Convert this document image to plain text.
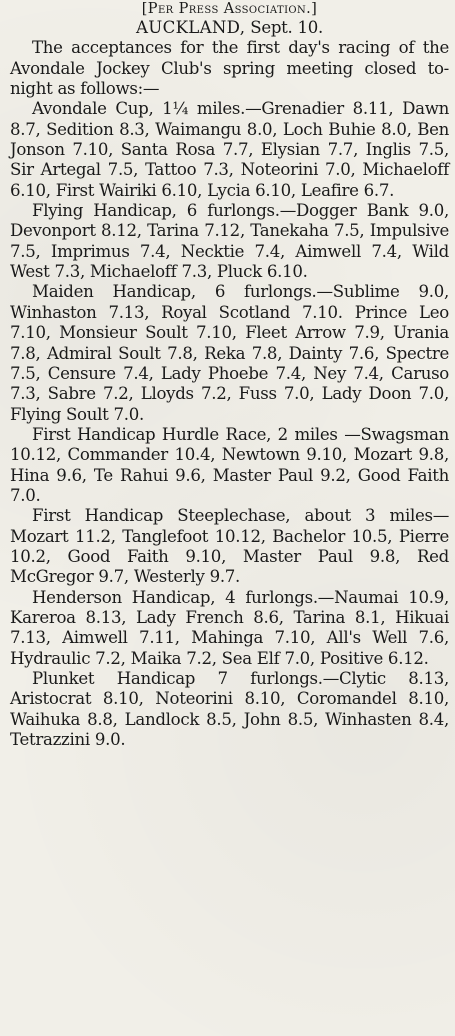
[Per Press Association.]
AUCKLAND, Sept. 10.

The acceptances for the first day's racing of the Avondale Jockey Club's spring meeting closed to-night as follows:—

Avondale Cup, 1¼ miles.—Grenadier 8.11, Dawn 8.7, Sedition 8.3, Waimangu 8.0, Loch Buhie 8.0, Ben Jonson 7.10, Santa Rosa 7.7, Elysian 7.7, Inglis 7.5, Sir Artegal 7.5, Tattoo 7.3, Noteorini 7.0, Michaeloff 6.10, First Wairiki 6.10, Lycia 6.10, Leafire 6.7.

Flying Handicap, 6 furlongs.—Dogger Bank 9.0, Devonport 8.12, Tarina 7.12, Tanekaha 7.5, Impulsive 7.5, Imprimus 7.4, Necktie 7.4, Aimwell 7.4, Wild West 7.3, Michaeloff 7.3, Pluck 6.10.

Maiden Handicap, 6 furlongs.—Sublime 9.0, Winhaston 7.13, Royal Scotland 7.10. Prince Leo 7.10, Monsieur Soult 7.10, Fleet Arrow 7.9, Urania 7.8, Admiral Soult 7.8, Reka 7.8, Dainty 7.6, Spectre 7.5, Censure 7.4, Lady Phoebe 7.4, Ney 7.4, Caruso 7.3, Sabre 7.2, Lloyds 7.2, Fuss 7.0, Lady Doon 7.0, Flying Soult 7.0.

First Handicap Hurdle Race, 2 miles —Swagsman 10.12, Commander 10.4, Newtown 9.10, Mozart 9.8, Hina 9.6, Te Rahui 9.6, Master Paul 9.2, Good Faith 7.0.

First Handicap Steeplechase, about 3 miles—Mozart 11.2, Tanglefoot 10.12, Bachelor 10.5, Pierre 10.2, Good Faith 9.10, Master Paul 9.8, Red McGregor 9.7, Westerly 9.7.

Henderson Handicap, 4 furlongs.—Naumai 10.9, Kareroa 8.13, Lady French 8.6, Tarina 8.1, Hikuai 7.13, Aimwell 7.11, Mahinga 7.10, All's Well 7.6, Hydraulic 7.2, Maika 7.2, Sea Elf 7.0, Positive 6.12.

Plunket Handicap 7 furlongs.—Clytic 8.13, Aristocrat 8.10, Noteorini 8.10, Coromandel 8.10, Waihuka 8.8, Landlock 8.5, John 8.5, Winhasten 8.4, Tetrazzini 9.0.
